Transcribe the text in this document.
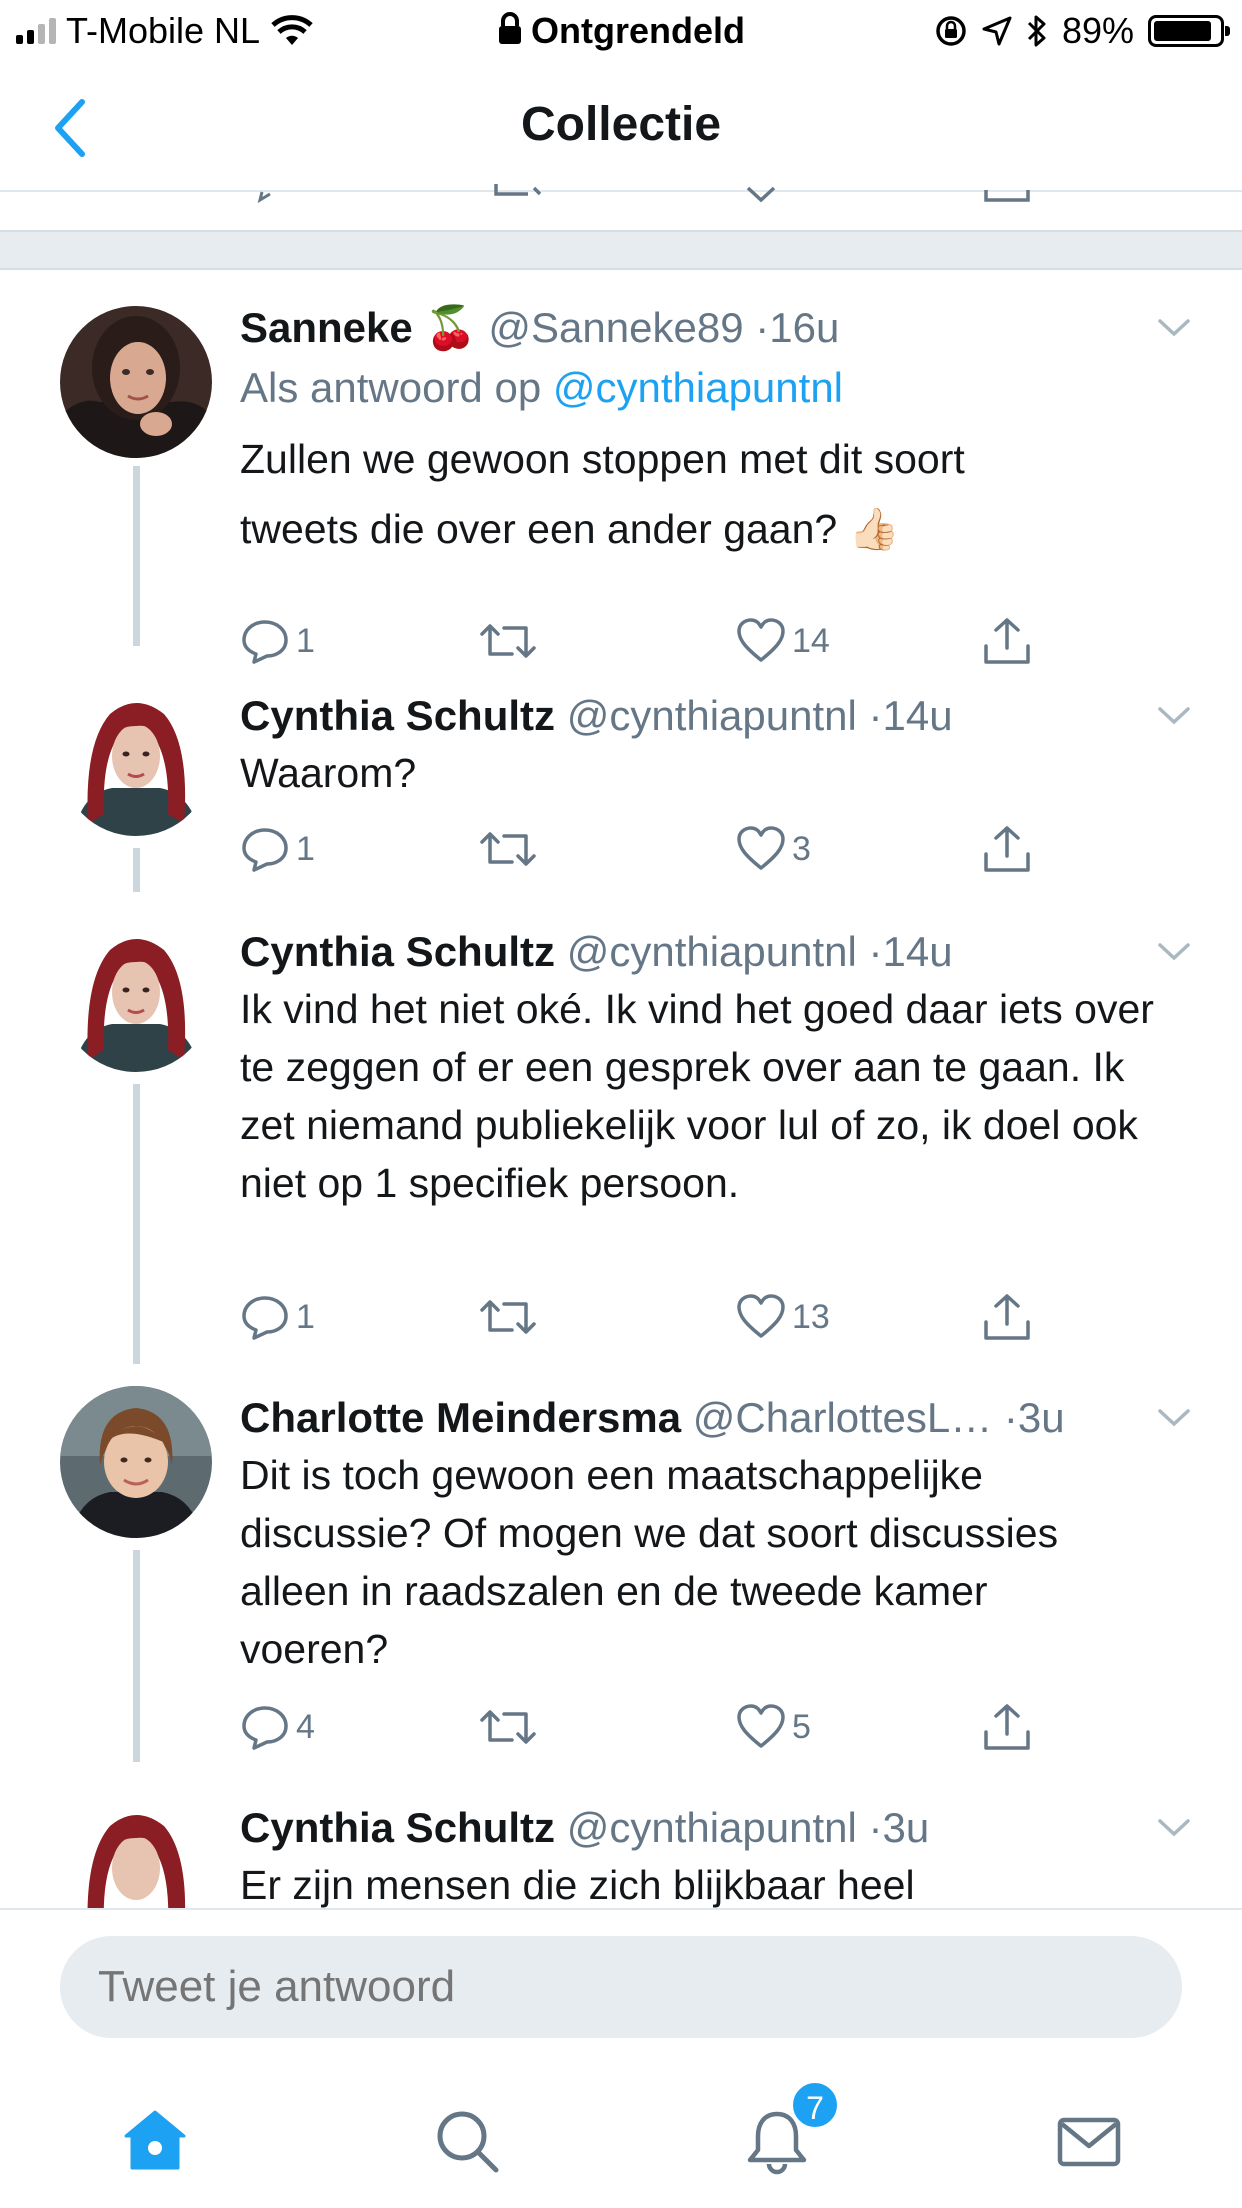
T-Mobile NL	Ontgrendeld	89%
Collectie
Sanneke 🍒 @Sanneke89 ·16u
Als antwoord op @cynthiapuntnl
Zullen we gewoon stoppen met dit soort tweets die over een ander gaan? 👍🏻
1	14
Cynthia Schultz @cynthiapuntnl ·14u
Waarom?
1	3
Cynthia Schultz @cynthiapuntnl ·14u
Ik vind het niet oké. Ik vind het goed daar iets over te zeggen of er een gesprek over aan te gaan. Ik zet niemand publiekelijk voor lul of zo, ik doel ook niet op 1 specifiek persoon.
1	13
Charlotte Meindersma @CharlottesL… ·3u
Dit is toch gewoon een maatschappelijke discussie? Of mogen we dat soort discussies alleen in raadszalen en de tweede kamer voeren?
4	5
Cynthia Schultz @cynthiapuntnl ·3u
Er zijn mensen die zich blijkbaar heel
Tweet je antwoord
7
